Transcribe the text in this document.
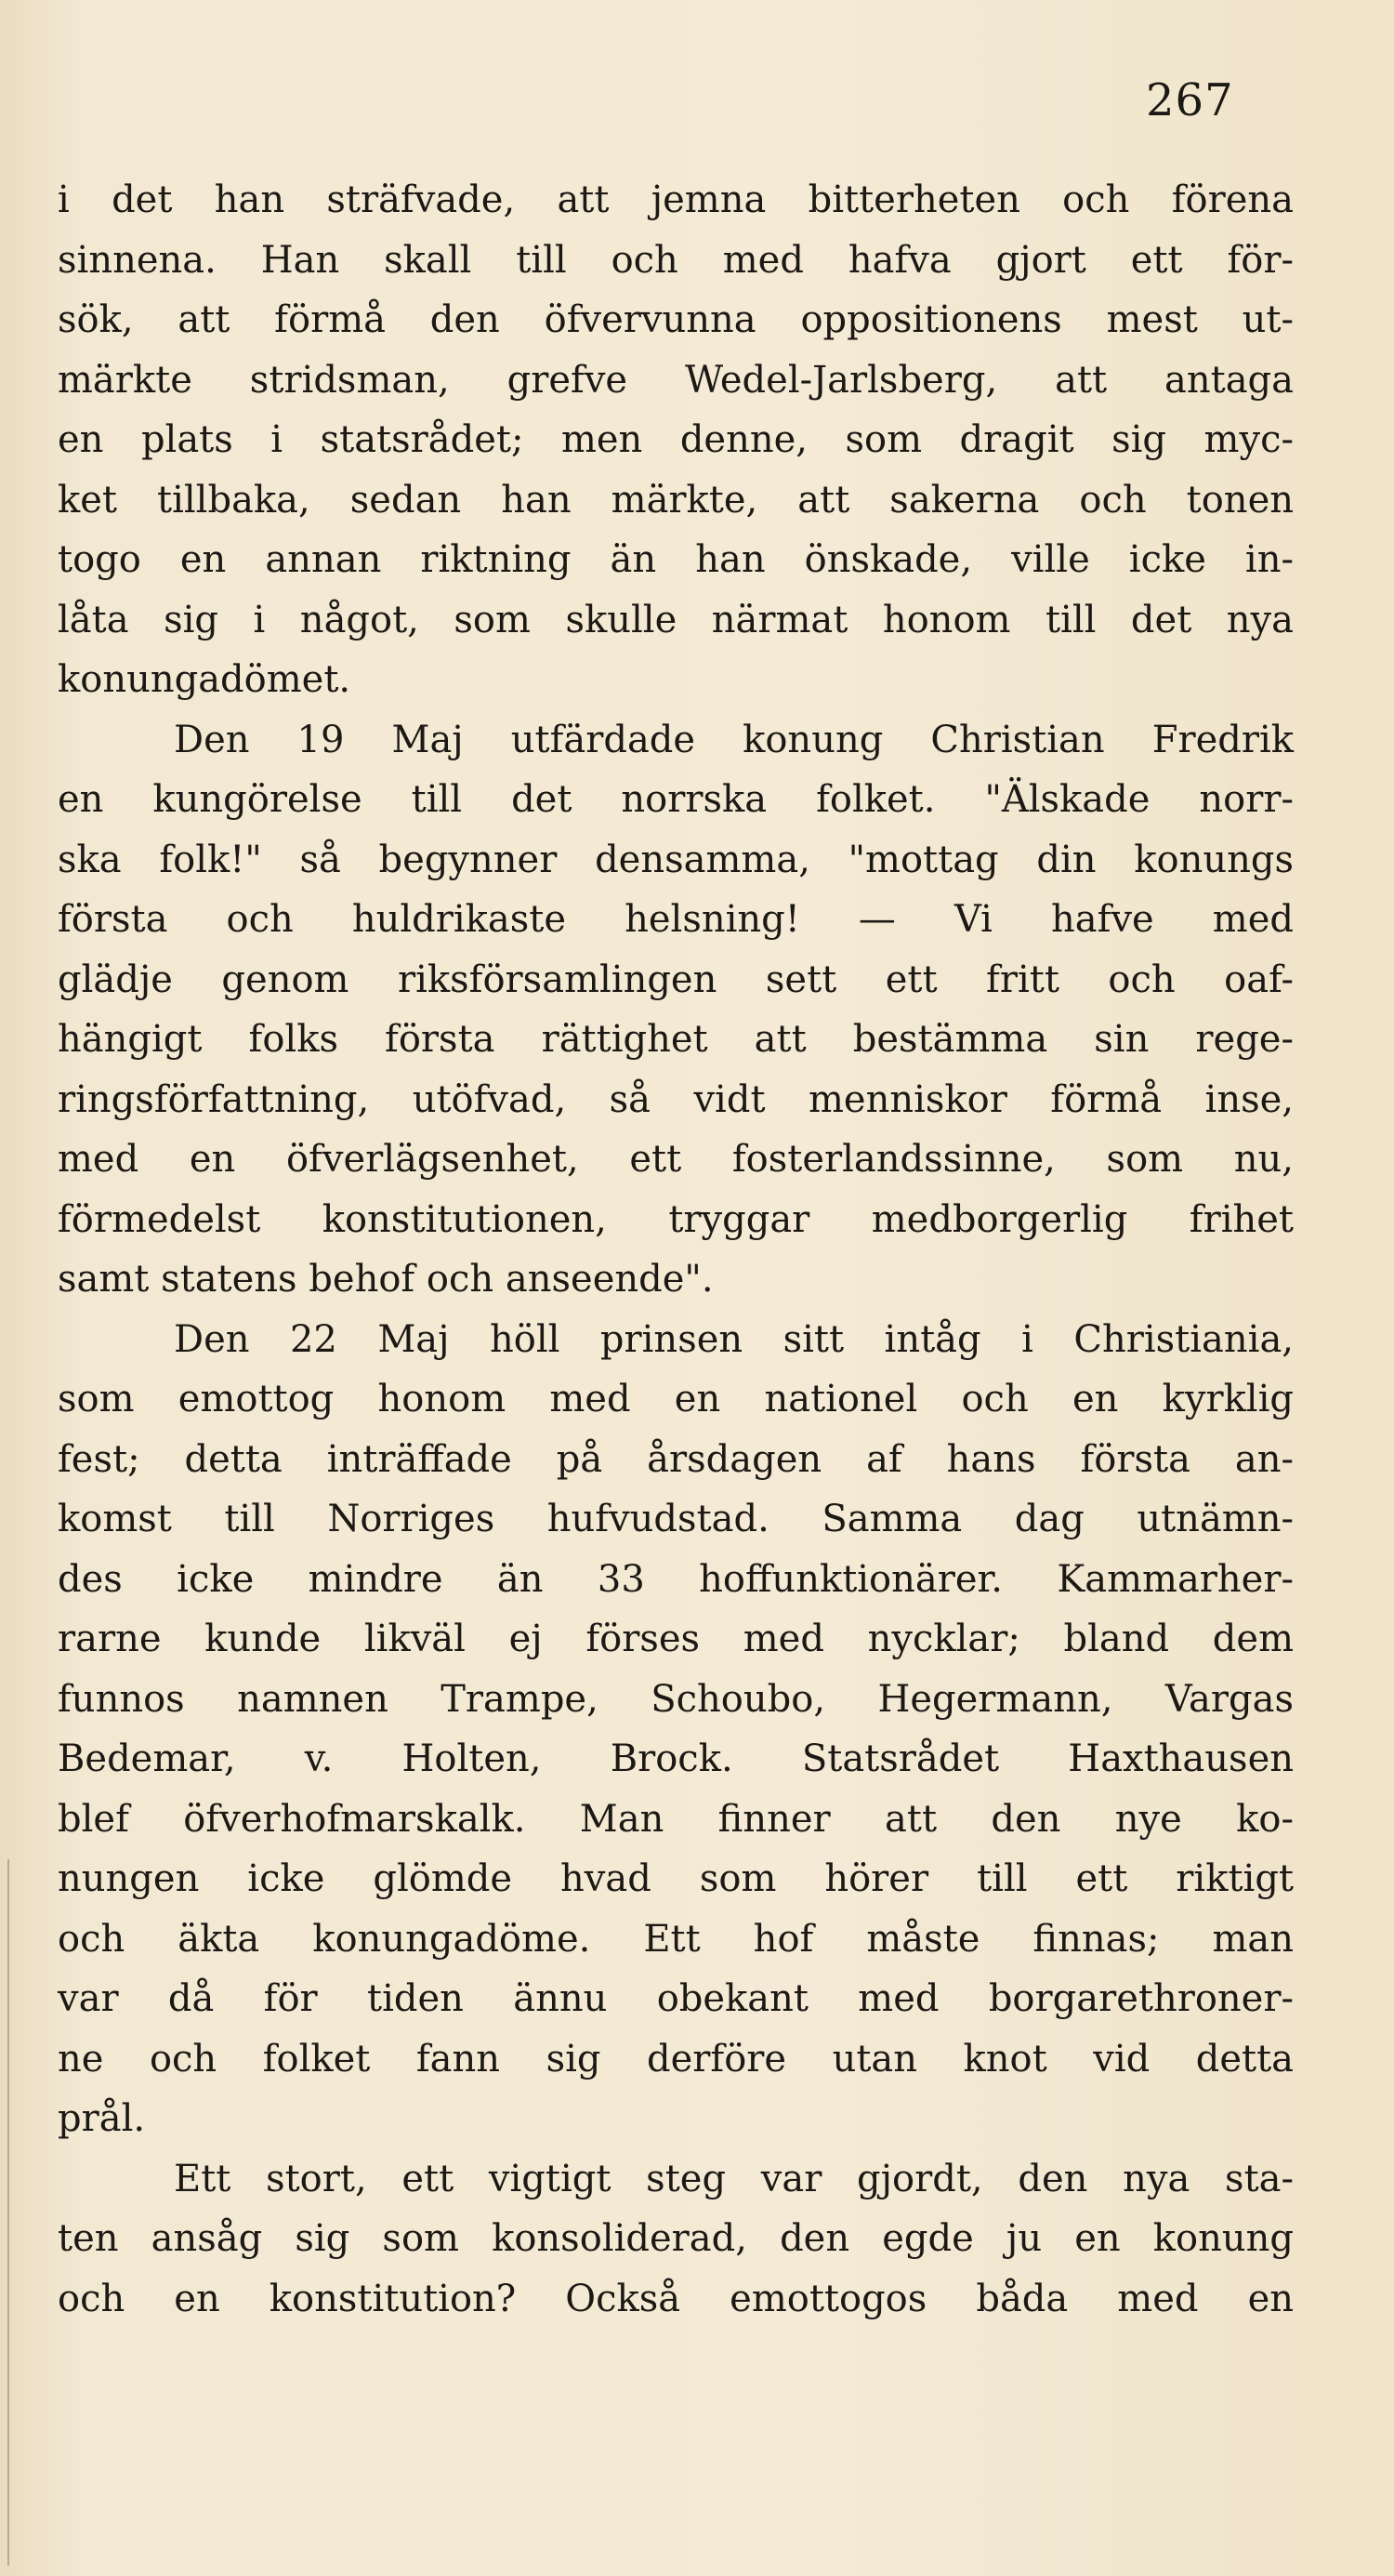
267
i det han sträfvade, att jemna bitterheten och förena
sinnena. Han skall till och med hafva gjort ett för-
sök, att förmå den öfvervunna oppositionens mest ut-
märkte stridsman, grefve Wedel-Jarlsberg, att antaga
en plats i statsrådet; men denne, som dragit sig myc-
ket tillbaka, sedan han märkte, att sakerna och tonen
togo en annan riktning än han önskade, ville icke in-
låta sig i något, som skulle närmat honom till det nya
konungadömet.
Den 19 Maj utfärdade konung Christian Fredrik
en kungörelse till det norrska folket. "Älskade norr-
ska folk!" så begynner densamma, "mottag din konungs
första och huldrikaste helsning! — Vi hafve med
glädje genom riksförsamlingen sett ett fritt och oaf-
hängigt folks första rättighet att bestämma sin rege-
ringsförfattning, utöfvad, så vidt menniskor förmå inse,
med en öfverlägsenhet, ett fosterlandssinne, som nu,
förmedelst konstitutionen, tryggar medborgerlig frihet
samt statens behof och anseende".
Den 22 Maj höll prinsen sitt intåg i Christiania,
som emottog honom med en nationel och en kyrklig
fest; detta inträffade på årsdagen af hans första an-
komst till Norriges hufvudstad. Samma dag utnämn-
des icke mindre än 33 hoffunktionärer. Kammarher-
rarne kunde likväl ej förses med nycklar; bland dem
funnos namnen Trampe, Schoubo, Hegermann, Vargas
Bedemar, v. Holten, Brock. Statsrådet Haxthausen
blef öfverhofmarskalk. Man finner att den nye ko-
nungen icke glömde hvad som hörer till ett riktigt
och äkta konungadöme. Ett hof måste finnas; man
var då för tiden ännu obekant med borgarethroner-
ne och folket fann sig derföre utan knot vid detta
prål.
Ett stort, ett vigtigt steg var gjordt, den nya sta-
ten ansåg sig som konsoliderad, den egde ju en konung
och en konstitution? Också emottogos båda med en
